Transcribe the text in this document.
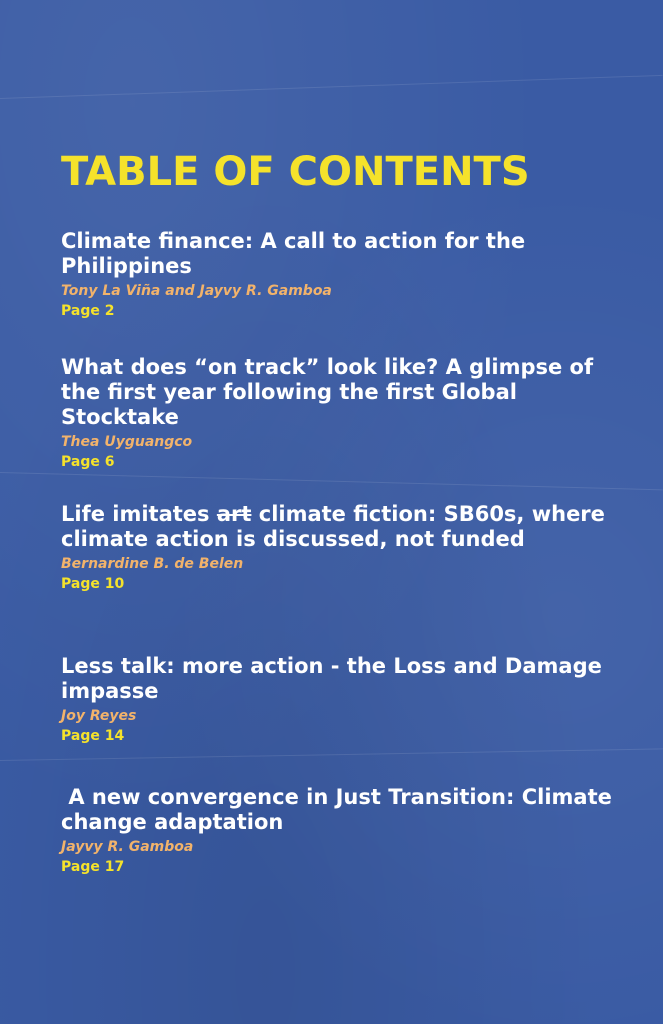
TABLE OF CONTENTS

Climate finance: A call to action for the Philippines

Tony La Viña and Jayvy R. Gamboa

Page 2

What does “on track” look like? A glimpse of the first year following the first Global Stocktake

Thea Uyguangco

Page 6

Life imitates art climate fiction: SB60s, where climate action is discussed, not funded

Bernardine B. de Belen

Page 10

Less talk: more action - the Loss and Damage impasse

Joy Reyes

Page 14

A new convergence in Just Transition: Climate change adaptation

Jayvy R. Gamboa

Page 17
